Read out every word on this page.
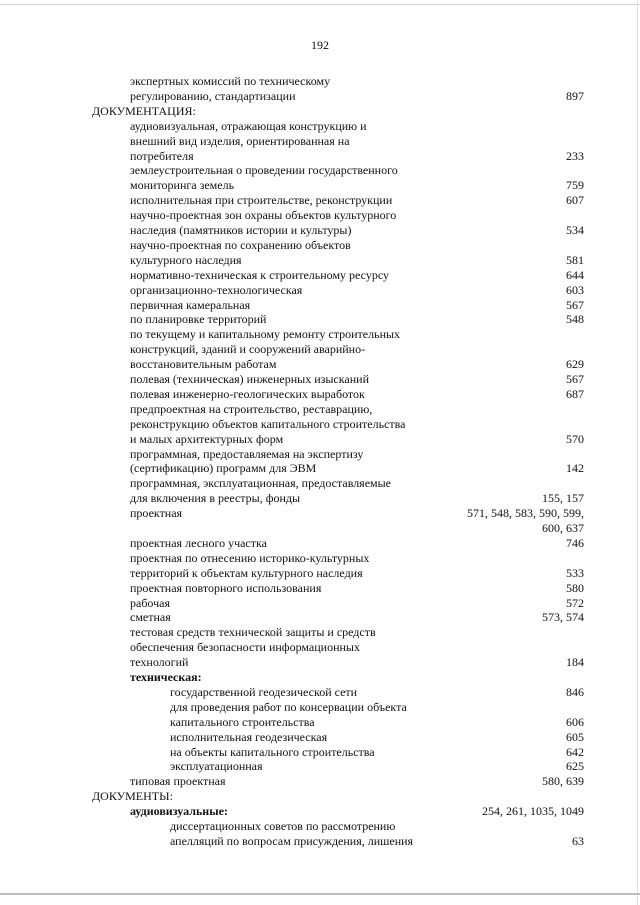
192
экспертных комиссий по техническому
регулированию, стандартизации	897
ДОКУМЕНТАЦИЯ:
аудиовизуальная, отражающая конструкцию и
внешний вид изделия, ориентированная на
потребителя	233
землеустроительная о проведении государственного
мониторинга земель	759
исполнительная при строительстве, реконструкции	607
научно-проектная зон охраны объектов культурного
наследия (памятников истории и культуры)	534
научно-проектная по сохранению объектов
культурного наследия	581
нормативно-техническая к строительному ресурсу	644
организационно-технологическая	603
первичная камеральная	567
по планировке территорий	548
по текущему и капитальному ремонту строительных
конструкций, зданий и сооружений аварийно-
восстановительным работам	629
полевая (техническая) инженерных изысканий	567
полевая инженерно-геологических выработок	687
предпроектная на строительство, реставрацию,
реконструкцию объектов капитального строительства
и малых архитектурных форм	570
программная, предоставляемая на экспертизу
(сертификацию) программ для ЭВМ	142
программная, эксплуатационная, предоставляемые
для включения в реестры, фонды	155, 157
проектная	571, 548, 583, 590, 599,
600, 637
проектная лесного участка	746
проектная по отнесению историко-культурных
территорий к объектам культурного наследия	533
проектная повторного использования	580
рабочая	572
сметная	573, 574
тестовая средств технической защиты и средств
обеспечения безопасности информационных
технологий	184
техническая:
государственной геодезической сети	846
для проведения работ по консервации объекта
капитального строительства	606
исполнительная геодезическая	605
на объекты капитального строительства	642
эксплуатационная	625
типовая проектная	580, 639
ДОКУМЕНТЫ:
аудиовизуальные:	254, 261, 1035, 1049
диссертационных советов по рассмотрению
апелляций по вопросам присуждения, лишения	63
